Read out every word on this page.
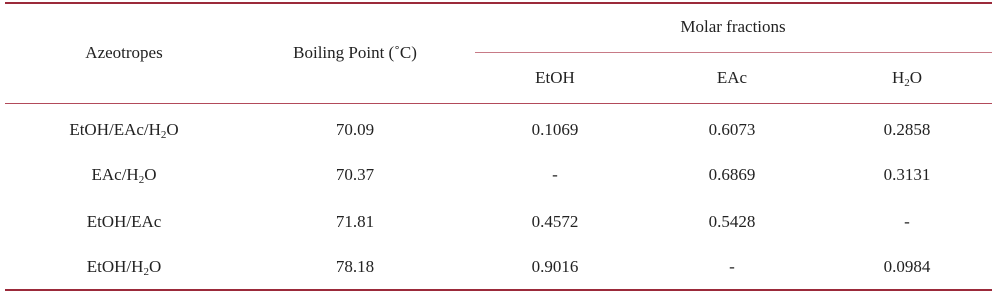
Azeotropes	Boiling Point (˚C)
Molar fractions
EtOH	EAc	$H_2O$
EtOH/$EAc/H_2O$	70.09	0.1069	0.6073	0.2858
EAc/$H_2O$	70.37	-	0.6869	0.3131
EtOH/EAc	71.81	0.4572	0.5428	-
EtOH/$H_2O$	78.18	0.9016	-	0.0984
